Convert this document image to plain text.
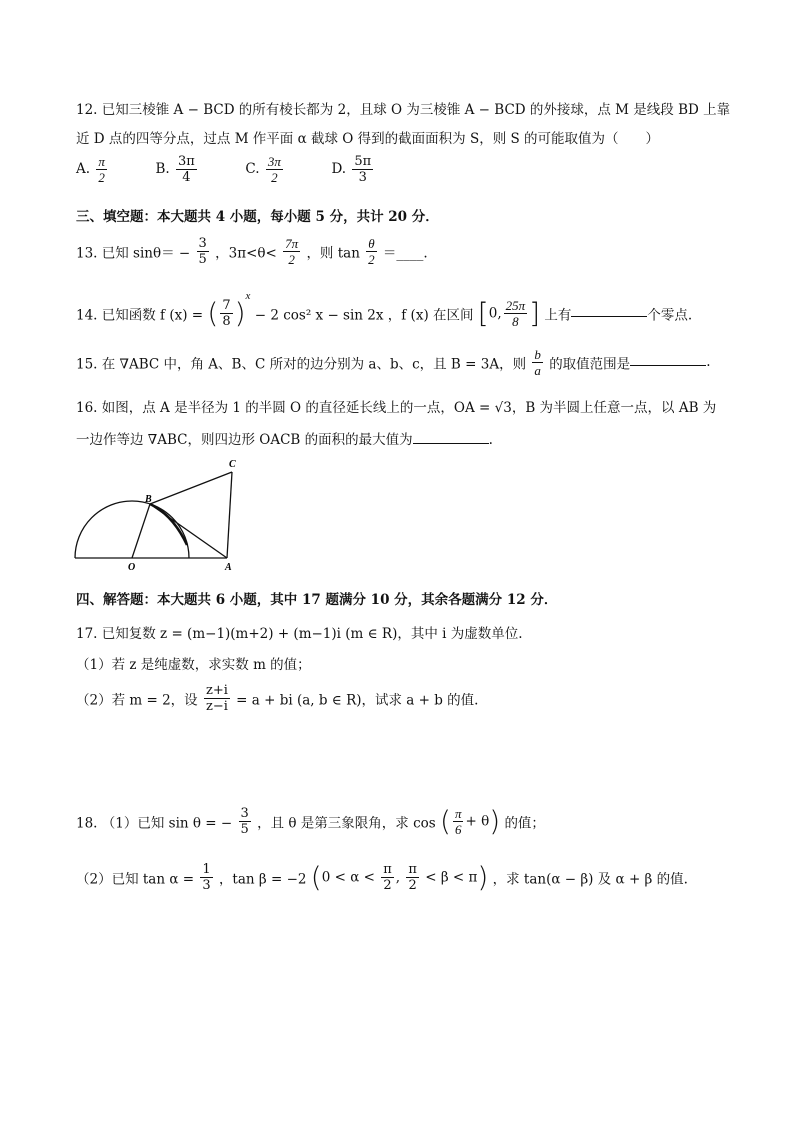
12. 已知三棱锥 A − BCD 的所有棱长都为 2，且球 O 为三棱锥 A − BCD 的外接球，点 M 是线段 BD 上靠
近 D 点的四等分点，过点 M 作平面 α 截球 O 得到的截面面积为 S，则 S 的可能取值为（　　）
A. $\frac{\pi}{2}$	B. $\frac{3\pi}{4}$	C. $\frac{3\pi}{2}$	D. $\frac{5\pi}{3}$
三、填空题：本大题共 4 小题，每小题 5 分，共计 20 分．
13. 已知 $\sin\theta= - \frac{3}{5}$ ，$3\pi<\theta< \frac{7\pi}{2}$ ，则 $\tan \frac{\theta}{2}$ ＝____.
14. 已知函数 f (x) = ( $\frac{7}{8} )^x - 2$ cos² x − sin 2x ，f (x) 在区间 [0, $\frac{25\pi}{8}$ ] 上有	个零点.
15. 在 ∇ABC 中，角 A、B、C 所对的边分别为 a、b、c，且 B = 3A，则 $\frac{b}{a}$ 的取值范围是	.
16. 如图，点 A 是半径为 1 的半圆 O 的直径延长线上的一点，OA = √3，B 为半圆上任意一点，以 AB 为
一边作等边 ∇ABC，则四边形 OACB 的面积的最大值为	.
B
C
O	A
四、解答题：本大题共 6 小题，其中 17 题满分 10 分，其余各题满分 12 分．
17. 已知复数 z = (m−1)(m+2) + (m−1)i (m ∈ R)，其中 i 为虚数单位.
（1）若 z 是纯虚数，求实数 m 的值；
（2）若 m = 2，设 $\frac{z+i}{z-i} = a$ + bi (a, b ∈ R)，试求 a + b 的值.
18. （1）已知 sin θ = − $\frac{3}{5}$ ，且 θ 是第三象限角，求 cos ( $\frac{\pi}{6} + \theta$) 的值；
（2）已知 $\tan \alpha = \frac{1}{3}$ ，tan β = −2 ($0 < \alpha < \frac{\pi}{2}$ , $\frac{\pi}{2} < \beta < \pi$) ，求 tan(α − β) 及 α + β 的值.
